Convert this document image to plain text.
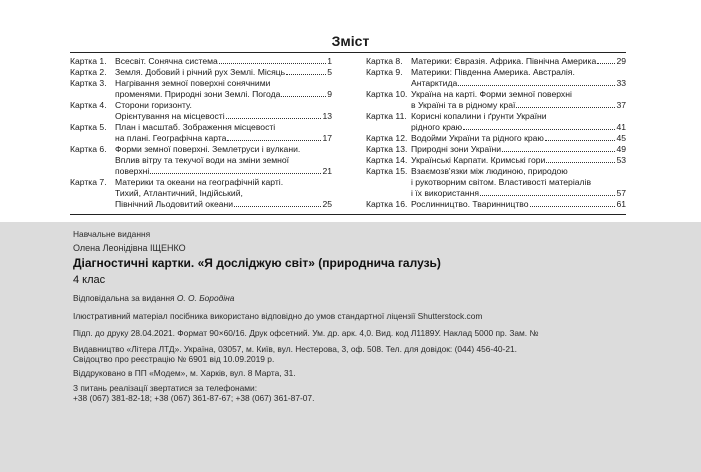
Зміст
Картка 1. Всесвіт. Сонячна система	1
Картка 2. Земля. Добовий і річний рух Землі. Місяць	5
Картка 3. Нагрівання земної поверхні сонячними
променями. Природні зони Землі. Погода	9
Картка 4. Сторони горизонту.
Орієнтування на місцевості	13
Картка 5. План і масштаб. Зображення місцевості
на плані. Географічна карта	17
Картка 6. Форми земної поверхні. Землетруси і вулкани.
Вплив вітру та текучої води на зміни земної
поверхні	21
Картка 7. Материки та океани на географічній карті.
Тихий, Атлантичний, Індійський,
Північний Льодовитий океани	25
Картка 8. Материки: Євразія. Африка. Північна Америка 29
Картка 9. Материки: Південна Америка. Австралія.
Антарктида	33
Картка 10. Україна на карті. Форми земної поверхні
в Україні та в рідному краї	37
Картка 11. Корисні копалини і ґрунти України
рідного краю	41
Картка 12. Водойми України та рідного краю	45
Картка 13. Природні зони України	49
Картка 14. Українські Карпати. Кримські гори	53
Картка 15. Взаємозв'язки між людиною, природою
і рукотворним світом. Властивості матеріалів
і їх використання	57
Картка 16. Рослинництво. Тваринництво	61
Навчальне видання
Олена Леонідівна ІЩЕНКО
Діагностичні картки. «Я досліджую світ» (природнича галузь)
4 клас
Відповідальна за видання О. О. Бородіна
Ілюстративний матеріал посібника використано відповідно до умов стандартної ліцензії Shutterstock.com
Підп. до друку 28.04.2021. Формат 90×60/16. Друк офсетний. Ум. др. арк. 4,0. Вид. код Л1189У. Наклад 5000 пр. Зам. №
Видавництво «Літера ЛТД». Україна, 03057, м. Київ, вул. Нестерова, 3, оф. 508. Тел. для довідок: (044) 456-40-21.
Свідоцтво про реєстрацію № 6901 від 10.09.2019 р.
Віддруковано в ПП «Модем», м. Харків, вул. 8 Марта, 31.
З питань реалізації звертатися за телефонами:
+38 (067) 381-82-18; +38 (067) 361-87-67; +38 (067) 361-87-07.
